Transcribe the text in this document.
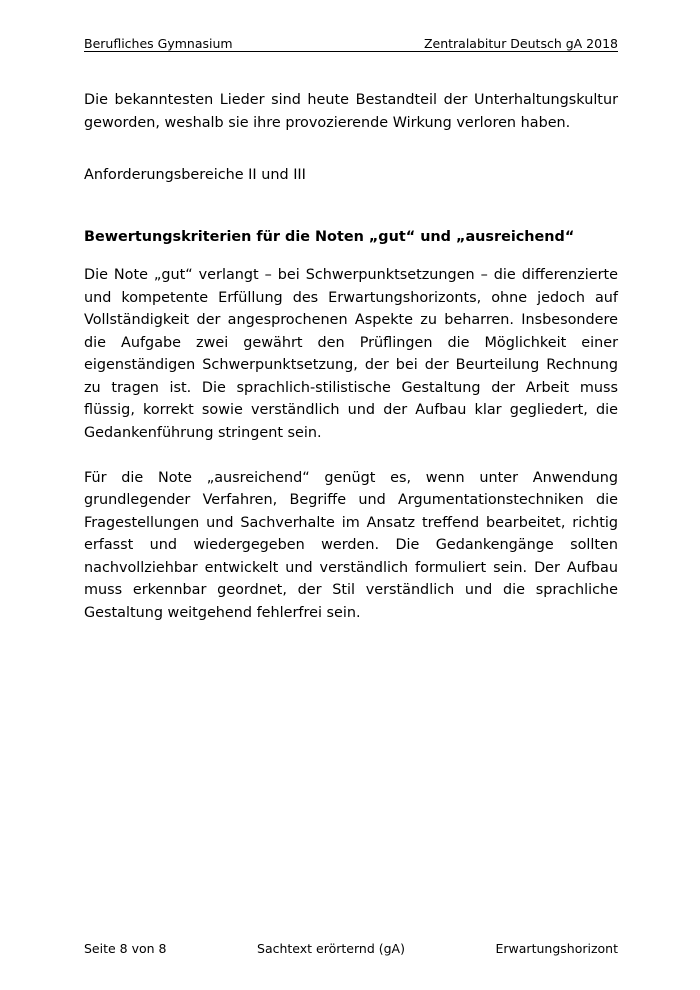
Berufliches Gymnasium	Zentralabitur Deutsch gA 2018

Die bekanntesten Lieder sind heute Bestandteil der Unterhaltungskultur geworden, weshalb sie ihre provozierende Wirkung verloren haben.

Anforderungsbereiche II und III

Bewertungskriterien für die Noten „gut“ und „ausreichend“

Die Note „gut“ verlangt – bei Schwerpunktsetzungen – die differenzierte und kompetente Erfüllung des Erwartungshorizonts, ohne jedoch auf Vollständigkeit der angesprochenen Aspekte zu beharren. Insbesondere die Aufgabe zwei gewährt den Prüflingen die Möglichkeit einer eigenständigen Schwerpunktsetzung, der bei der Beurteilung Rechnung zu tragen ist. Die sprachlich-stilistische Gestaltung der Arbeit muss flüssig, korrekt sowie verständlich und der Aufbau klar gegliedert, die Gedankenführung stringent sein.

Für die Note „ausreichend“ genügt es, wenn unter Anwendung grundlegender Verfahren, Begriffe und Argumentationstechniken die Fragestellungen und Sachverhalte im Ansatz treffend bearbeitet, richtig erfasst und wiedergegeben werden. Die Gedankengänge sollten nachvollziehbar entwickelt und verständlich formuliert sein. Der Aufbau muss erkennbar geordnet, der Stil verständlich und die sprachliche Gestaltung weitgehend fehlerfrei sein.

Seite 8 von 8	Sachtext erörternd (gA)	Erwartungshorizont
